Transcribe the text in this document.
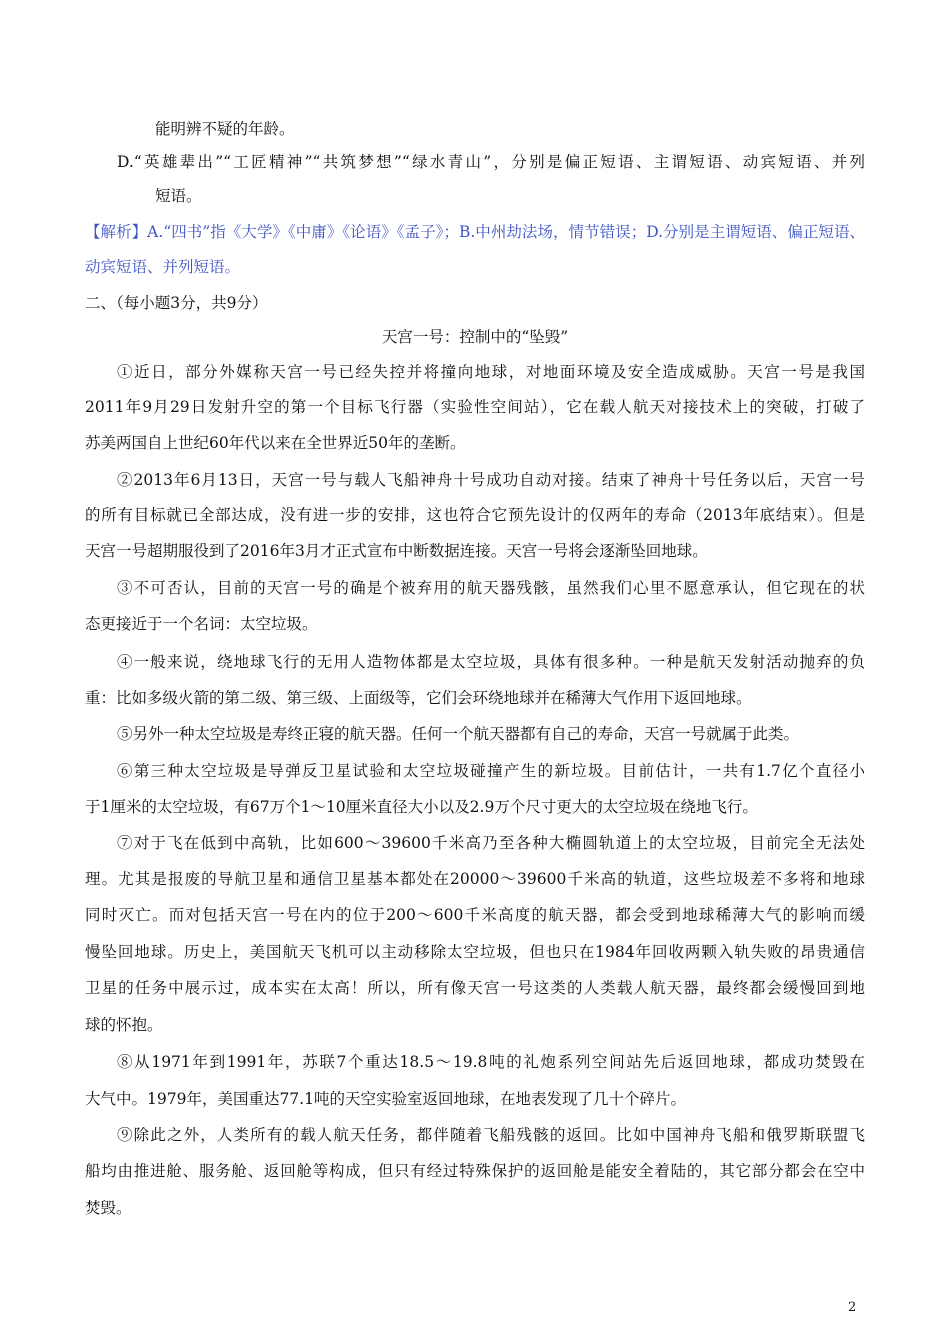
能明辨不疑的年龄。
D.“英雄辈出”“工匠精神”“共筑梦想”“绿水青山”，分别是偏正短语、主谓短语、动宾短语、并列
短语。
【解析】A.“四书”指《大学》《中庸》《论语》《孟子》；B.中州劫法场，情节错误；D.分别是主谓短语、偏正短语、
动宾短语、并列短语。
二、（每小题3分，共9分）
天宫一号：控制中的“坠毁”
①近日，部分外媒称天宫一号已经失控并将撞向地球，对地面环境及安全造成威胁。天宫一号是我国
2011年9月29日发射升空的第一个目标飞行器（实验性空间站），它在载人航天对接技术上的突破，打破了
苏美两国自上世纪60年代以来在全世界近50年的垄断。
②2013年6月13日，天宫一号与载人飞船神舟十号成功自动对接。结束了神舟十号任务以后，天宫一号
的所有目标就已全部达成，没有进一步的安排，这也符合它预先设计的仅两年的寿命（2013年底结束）。但是
天宫一号超期服役到了2016年3月才正式宣布中断数据连接。天宫一号将会逐渐坠回地球。
③不可否认，目前的天宫一号的确是个被弃用的航天器残骸，虽然我们心里不愿意承认，但它现在的状
态更接近于一个名词：太空垃圾。
④一般来说，绕地球飞行的无用人造物体都是太空垃圾，具体有很多种。一种是航天发射活动抛弃的负
重：比如多级火箭的第二级、第三级、上面级等，它们会环绕地球并在稀薄大气作用下返回地球。
⑤另外一种太空垃圾是寿终正寝的航天器。任何一个航天器都有自己的寿命，天宫一号就属于此类。
⑥第三种太空垃圾是导弹反卫星试验和太空垃圾碰撞产生的新垃圾。目前估计，一共有1.7亿个直径小
于1厘米的太空垃圾，有67万个1～10厘米直径大小以及2.9万个尺寸更大的太空垃圾在绕地飞行。
⑦对于飞在低到中高轨，比如600～39600千米高乃至各种大椭圆轨道上的太空垃圾，目前完全无法处
理。尤其是报废的导航卫星和通信卫星基本都处在20000～39600千米高的轨道，这些垃圾差不多将和地球
同时灭亡。而对包括天宫一号在内的位于200～600千米高度的航天器，都会受到地球稀薄大气的影响而缓
慢坠回地球。历史上，美国航天飞机可以主动移除太空垃圾，但也只在1984年回收两颗入轨失败的昂贵通信
卫星的任务中展示过，成本实在太高！所以，所有像天宫一号这类的人类载人航天器，最终都会缓慢回到地
球的怀抱。
⑧从1971年到1991年，苏联7个重达18.5～19.8吨的礼炮系列空间站先后返回地球，都成功焚毁在
大气中。1979年，美国重达77.1吨的天空实验室返回地球，在地表发现了几十个碎片。
⑨除此之外，人类所有的载人航天任务，都伴随着飞船残骸的返回。比如中国神舟飞船和俄罗斯联盟飞
船均由推进舱、服务舱、返回舱等构成，但只有经过特殊保护的返回舱是能安全着陆的，其它部分都会在空中
焚毁。
2
